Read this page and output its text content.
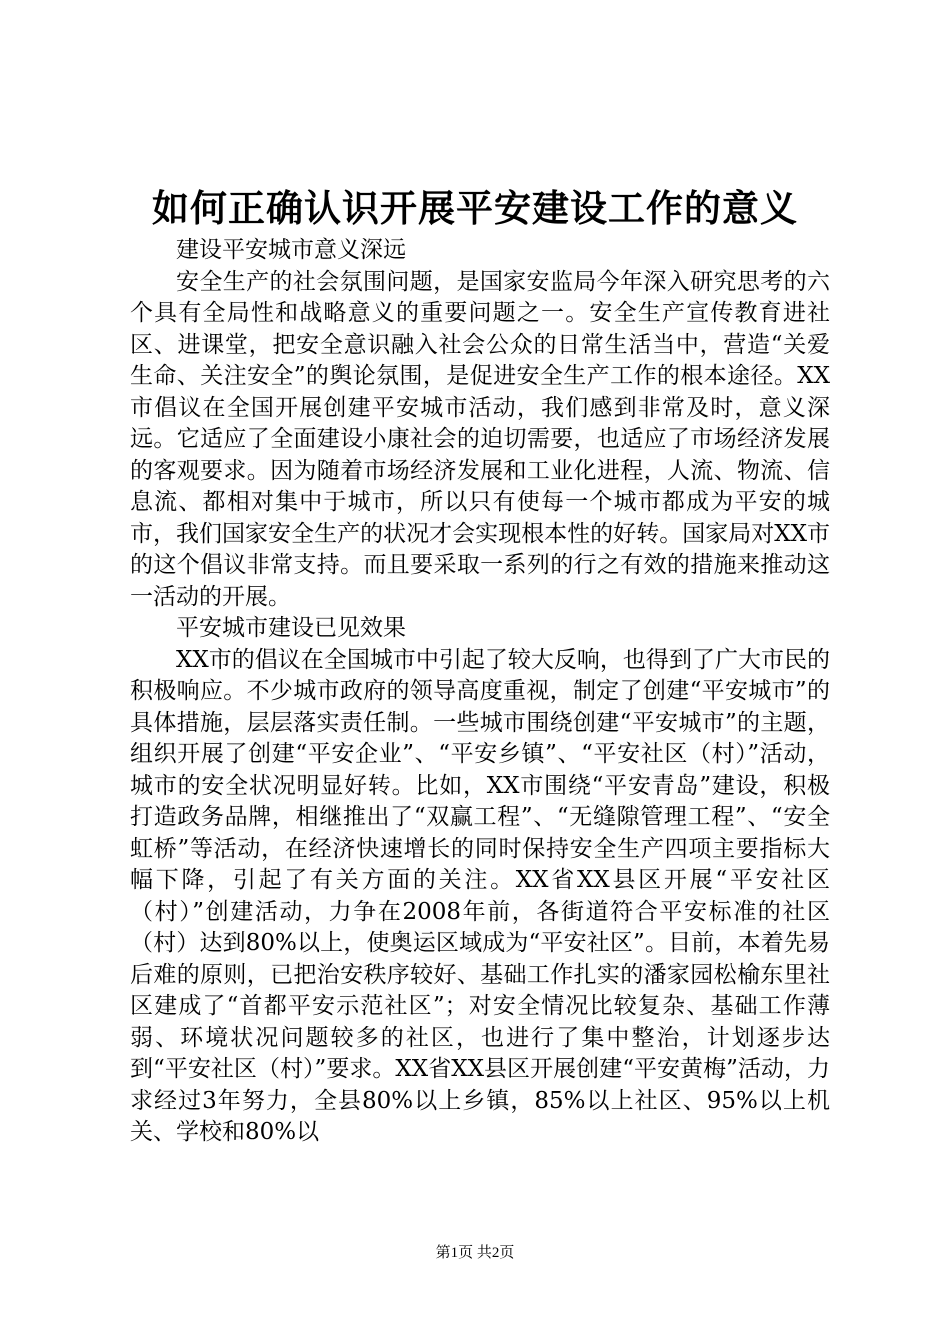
如何正确认识开展平安建设工作的意义

建设平安城市意义深远

安全生产的社会氛围问题，是国家安监局今年深入研究思考的六个具有全局性和战略意义的重要问题之一。安全生产宣传教育进社区、进课堂，把安全意识融入社会公众的日常生活当中，营造“关爱生命、关注安全”的舆论氛围，是促进安全生产工作的根本途径。XX市倡议在全国开展创建平安城市活动，我们感到非常及时，意义深远。它适应了全面建设小康社会的迫切需要，也适应了市场经济发展的客观要求。因为随着市场经济发展和工业化进程，人流、物流、信息流、都相对集中于城市，所以只有使每一个城市都成为平安的城市，我们国家安全生产的状况才会实现根本性的好转。国家局对XX市的这个倡议非常支持。而且要采取一系列的行之有效的措施来推动这一活动的开展。

平安城市建设已见效果

XX市的倡议在全国城市中引起了较大反响，也得到了广大市民的积极响应。不少城市政府的领导高度重视，制定了创建“平安城市”的具体措施，层层落实责任制。一些城市围绕创建“平安城市”的主题，组织开展了创建“平安企业”、“平安乡镇”、“平安社区（村）”活动，城市的安全状况明显好转。比如，XX市围绕“平安青岛”建设，积极打造政务品牌，相继推出了“双赢工程”、“无缝隙管理工程”、“安全虹桥”等活动，在经济快速增长的同时保持安全生产四项主要指标大幅下降，引起了有关方面的关注。XX省XX县区开展“平安社区（村）”创建活动，力争在2008年前，各街道符合平安标准的社区（村）达到80%以上，使奥运区域成为“平安社区”。目前，本着先易后难的原则，已把治安秩序较好、基础工作扎实的潘家园松榆东里社区建成了“首都平安示范社区”；对安全情况比较复杂、基础工作薄弱、环境状况问题较多的社区，也进行了集中整治，计划逐步达到“平安社区（村）”要求。XX省XX县区开展创建“平安黄梅”活动，力求经过3年努力，全县80%以上乡镇，85%以上社区、95%以上机关、学校和80%以

第1页 共2页
